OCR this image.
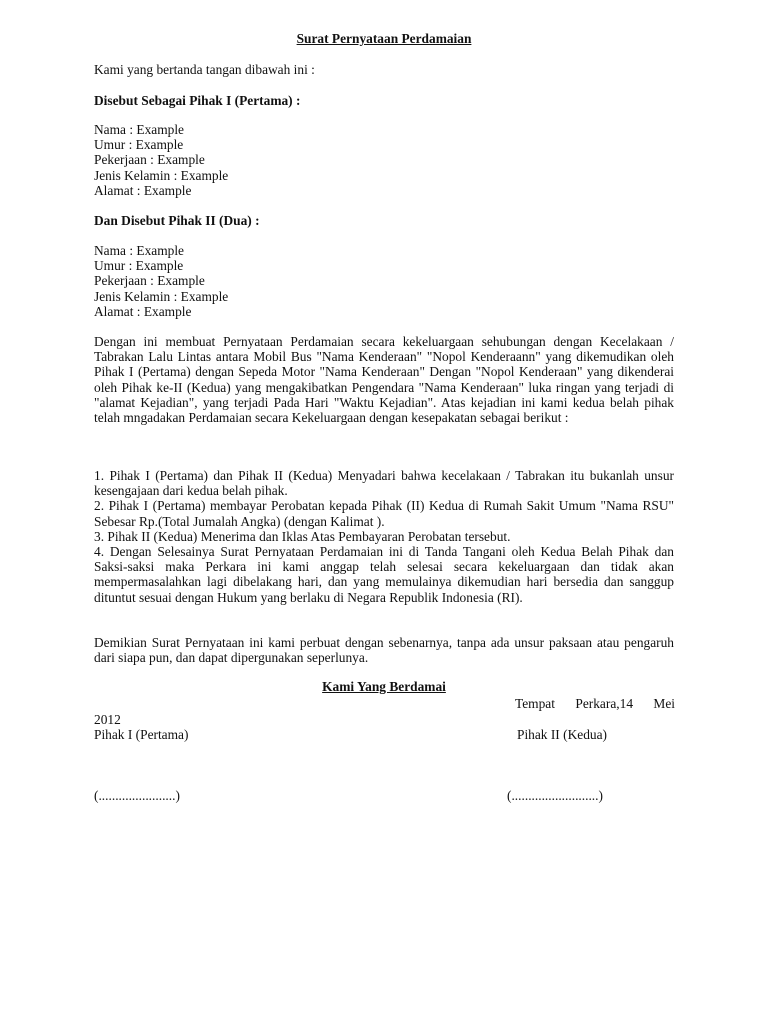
Surat Pernyataan Perdamaian
Kami yang bertanda tangan dibawah ini :
Disebut Sebagai Pihak I (Pertama) :
Nama : Example
Umur : Example
Pekerjaan : Example
Jenis Kelamin : Example
Alamat : Example
Dan Disebut Pihak II (Dua) :
Nama : Example
Umur : Example
Pekerjaan : Example
Jenis Kelamin : Example
Alamat : Example
Dengan ini membuat Pernyataan Perdamaian secara kekeluargaan sehubungan dengan Kecelakaan / Tabrakan Lalu Lintas antara Mobil Bus "Nama Kenderaan" "Nopol Kenderaann" yang dikemudikan oleh Pihak I (Pertama) dengan Sepeda Motor "Nama Kenderaan" Dengan "Nopol Kenderaan" yang dikenderai oleh Pihak ke-II (Kedua) yang mengakibatkan Pengendara "Nama Kenderaan" luka ringan yang terjadi di "alamat Kejadian", yang terjadi Pada Hari "Waktu Kejadian". Atas kejadian ini kami kedua belah pihak telah mngadakan Perdamaian secara Kekeluargaan dengan kesepakatan sebagai berikut :
1. Pihak I (Pertama) dan Pihak II (Kedua) Menyadari bahwa kecelakaan / Tabrakan itu bukanlah unsur kesengajaan dari kedua belah pihak.
2. Pihak I (Pertama) membayar Perobatan kepada Pihak (II) Kedua di Rumah Sakit Umum "Nama RSU" Sebesar Rp.(Total Jumalah Angka) (dengan Kalimat ).
3. Pihak II (Kedua) Menerima dan Iklas Atas Pembayaran Perobatan tersebut.
4. Dengan Selesainya Surat Pernyataan Perdamaian ini di Tanda Tangani oleh Kedua Belah Pihak dan Saksi-saksi maka Perkara ini kami anggap telah selesai secara kekeluargaan dan tidak akan mempermasalahkan lagi dibelakang hari, dan yang memulainya dikemudian hari bersedia dan sanggup dituntut sesuai dengan Hukum yang berlaku di Negara Republik Indonesia (RI).
Demikian Surat Pernyataan ini kami perbuat dengan sebenarnya, tanpa ada unsur paksaan atau pengaruh dari siapa pun, dan dapat dipergunakan seperlunya.
Kami Yang Berdamai
Tempat Perkara,14 Mei
2012
Pihak I (Pertama)	Pihak II (Kedua)
(.......................)	(..........................)
